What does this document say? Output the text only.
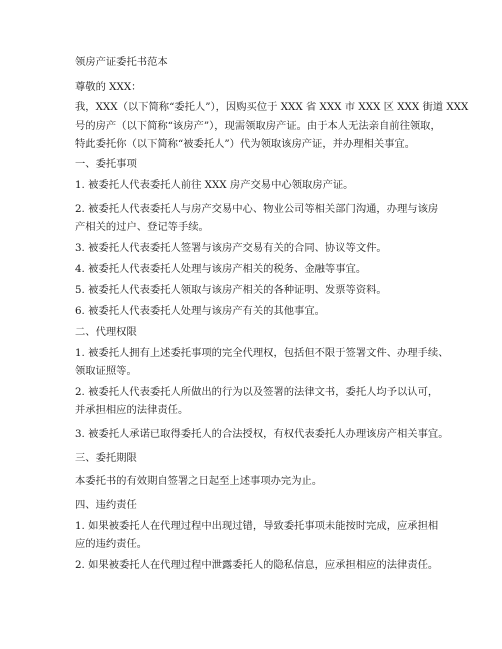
领房产证委托书范本
尊敬的 XXX：
我，XXX（以下简称“委托人”），因购买位于 XXX 省 XXX 市 XXX 区 XXX 街道 XXX
号的房产（以下简称“该房产”），现需领取房产证。由于本人无法亲自前往领取，
特此委托你（以下简称“被委托人”）代为领取该房产证，并办理相关事宜。
一、委托事项
1. 被委托人代表委托人前往 XXX 房产交易中心领取房产证。
2. 被委托人代表委托人与房产交易中心、物业公司等相关部门沟通，办理与该房
产相关的过户、登记等手续。
3. 被委托人代表委托人签署与该房产交易有关的合同、协议等文件。
4. 被委托人代表委托人处理与该房产相关的税务、金融等事宜。
5. 被委托人代表委托人领取与该房产相关的各种证明、发票等资料。
6. 被委托人代表委托人处理与该房产有关的其他事宜。
二、代理权限
1. 被委托人拥有上述委托事项的完全代理权，包括但不限于签署文件、办理手续、
领取证照等。
2. 被委托人代表委托人所做出的行为以及签署的法律文书，委托人均予以认可，
并承担相应的法律责任。
3. 被委托人承诺已取得委托人的合法授权，有权代表委托人办理该房产相关事宜。
三、委托期限
本委托书的有效期自签署之日起至上述事项办完为止。
四、违约责任
1. 如果被委托人在代理过程中出现过错，导致委托事项未能按时完成，应承担相
应的违约责任。
2. 如果被委托人在代理过程中泄露委托人的隐私信息，应承担相应的法律责任。
